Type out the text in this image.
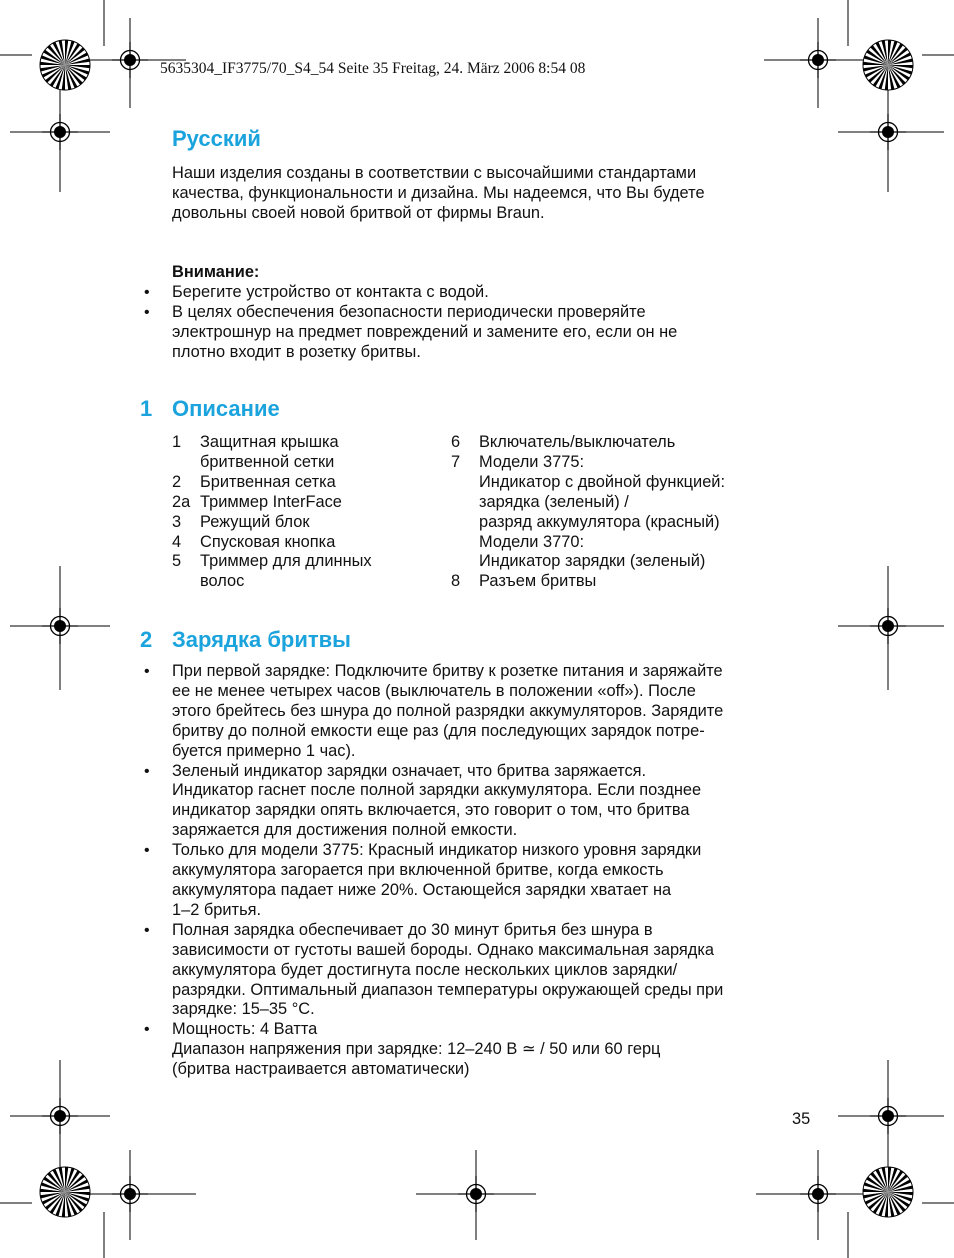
5635304_IF3775/70_S4_54 Seite 35 Freitag, 24. März 2006 8:54 08
Русский
Наши изделия созданы в соответствии с высочайшими стандартами
качества, функциональности и дизайна. Мы надеемся, что Вы будете
довольны своей новой бритвой от фирмы Braun.
Внимание:
• Берегите устройство от контакта с водой.
• В целях обеспечения безопасности периодически проверяйте
электрошнур на предмет повреждений и замените его, если он не
плотно входит в розетку бритвы.
1 Описание
1 Защитная крышка
бритвенной сетки
2 Бритвенная сетка
2a Триммер InterFace
3 Режущий блок
4 Спусковая кнопка
5 Триммер для длинных
волос
6 Включатель/выключатель
7 Модели 3775:
Индикатор с двойной функцией:
зарядка (зеленый) /
разряд аккумулятора (красный)
Модели 3770:
Индикатор зарядки (зеленый)
8 Разъем бритвы
2 Зарядка бритвы
• При первой зарядке: Подключите бритву к розетке питания и заряжайте
ее не менее четырех часов (выключатель в положении «off»). После
этого брейтесь без шнура до полной разрядки аккумуляторов. Зарядите
бритву до полной емкости еще раз (для последующих зарядок потре-
буется примерно 1 час).
• Зеленый индикатор зарядки означает, что бритва заряжается.
Индикатор гаснет после полной зарядки аккумулятора. Если позднее
индикатор зарядки опять включается, это говорит о том, что бритва
заряжается для достижения полной емкости.
• Только для модели 3775: Красный индикатор низкого уровня зарядки
аккумулятора загорается при включенной бритве, когда емкость
аккумулятора падает ниже 20%. Остающейся зарядки хватает на
1–2 бритья.
• Полная зарядка обеспечивает до 30 минут бритья без шнура в
зависимости от густоты вашей бороды. Однако максимальная зарядка
аккумулятора будет достигнута после нескольких циклов зарядки/
разрядки. Оптимальный диапазон температуры окружающей среды при
зарядке: 15–35 °C.
• Мощность: 4 Ватта
Диапазон напряжения при зарядке: 12–240 В ≃ / 50 или 60 герц
(бритва настраивается автоматически)
35
